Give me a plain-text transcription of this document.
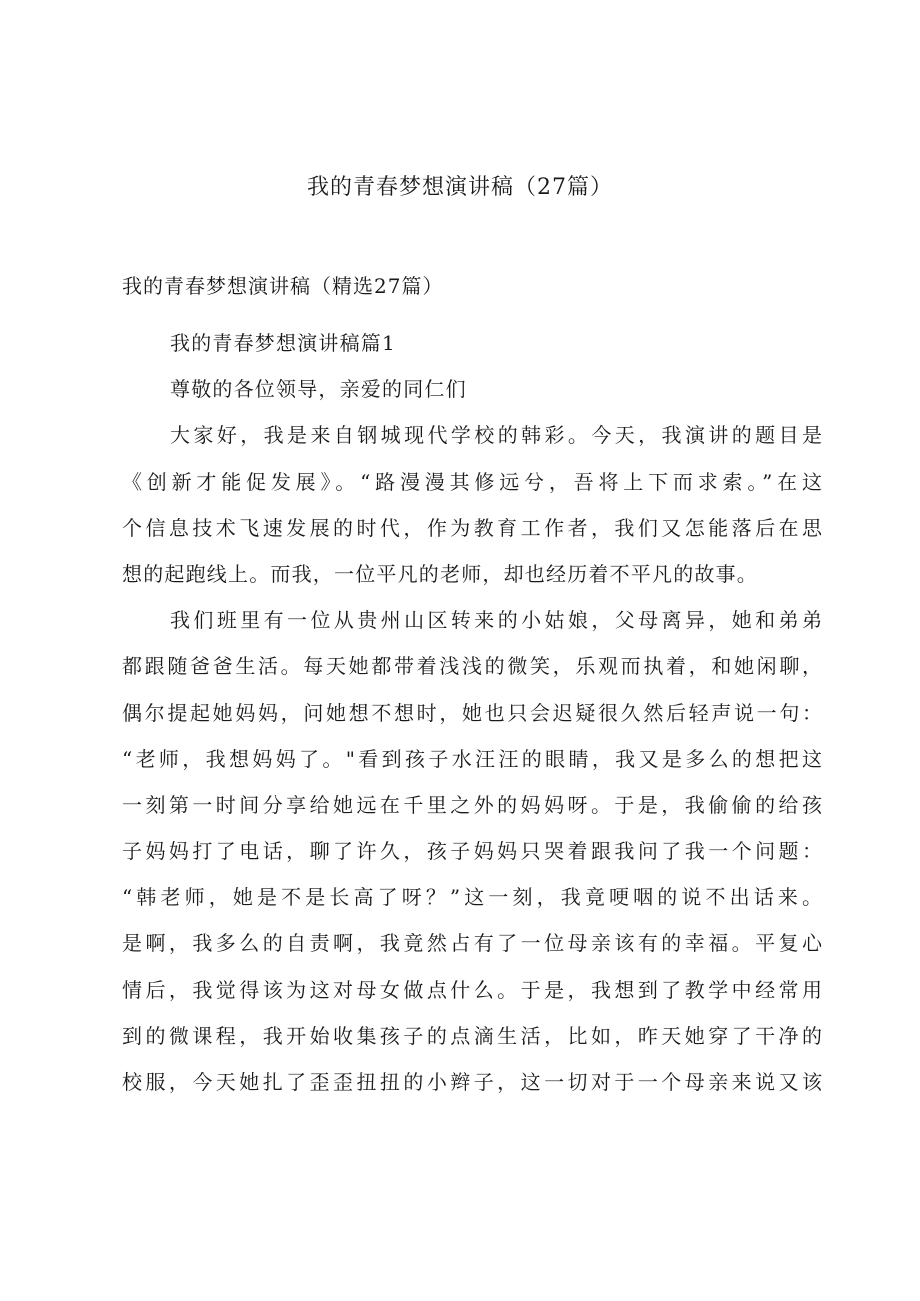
我的青春梦想演讲稿（27篇）
我的青春梦想演讲稿（精选27篇）
我的青春梦想演讲稿篇1
尊敬的各位领导，亲爱的同仁们
大家好，我是来自钢城现代学校的韩彩。今天，我演讲的题目是
《创新才能促发展》。“路漫漫其修远兮，吾将上下而求索。”在这
个信息技术飞速发展的时代，作为教育工作者，我们又怎能落后在思
想的起跑线上。而我，一位平凡的老师，却也经历着不平凡的故事。
我们班里有一位从贵州山区转来的小姑娘，父母离异，她和弟弟
都跟随爸爸生活。每天她都带着浅浅的微笑，乐观而执着，和她闲聊，
偶尔提起她妈妈，问她想不想时，她也只会迟疑很久然后轻声说一句：
“老师，我想妈妈了。"看到孩子水汪汪的眼睛，我又是多么的想把这
一刻第一时间分享给她远在千里之外的妈妈呀。于是，我偷偷的给孩
子妈妈打了电话，聊了许久，孩子妈妈只哭着跟我问了我一个问题：
“韩老师，她是不是长高了呀？”这一刻，我竟哽咽的说不出话来。
是啊，我多么的自责啊，我竟然占有了一位母亲该有的幸福。平复心
情后，我觉得该为这对母女做点什么。于是，我想到了教学中经常用
到的微课程，我开始收集孩子的点滴生活，比如，昨天她穿了干净的
校服，今天她扎了歪歪扭扭的小辫子，这一切对于一个母亲来说又该
